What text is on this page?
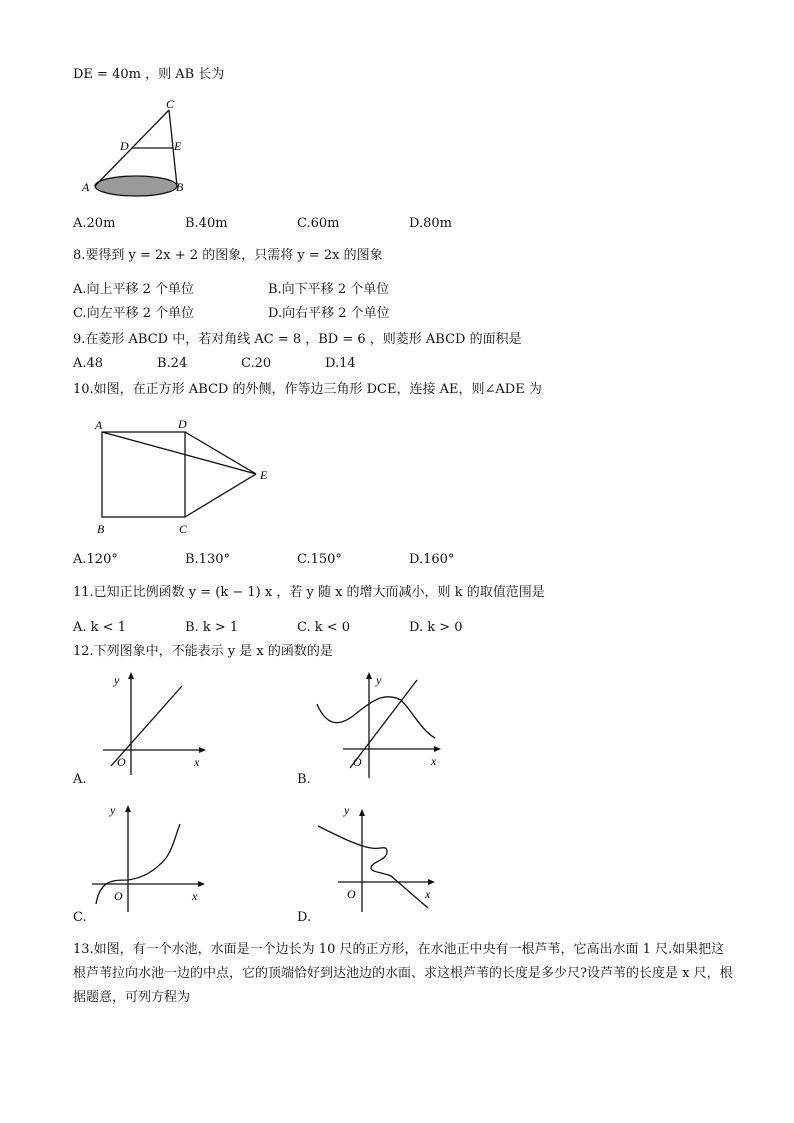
DE = 40m ，则 AB 长为
C
D	E
A	B
A.20m	B.40m	C.60m	D.80m
8.要得到 y = 2x + 2 的图象，只需将 y = 2x 的图象
A.向上平移 2 个单位	B.向下平移 2 个单位
C.向左平移 2 个单位	D.向右平移 2 个单位
9.在菱形 ABCD 中，若对角线 AC = 8 ，BD = 6 ，则菱形 ABCD 的面积是
A.48	B.24	C.20	D.14
10.如图，在正方形 ABCD 的外侧，作等边三角形 DCE，连接 AE，则∠ADE 为
A	D
E
B	C
A.120°	B.130°	C.150°	D.160°
11.已知正比例函数 y = (k − 1) x ，若 y 随 x 的增大而减小，则 k 的取值范围是
A. k < 1	B. k > 1	C. k < 0	D. k > 0
12.下列图象中，不能表示 y 是 x 的函数的是
y
x
O
A.
y
x
O
B.
y
x
O
C.
y
x
O
D.
13.如图，有一个水池，水面是一个边长为 10 尺的正方形，在水池正中央有一根芦苇，它高出水面 1 尺.如果把这根芦苇拉向水池一边的中点，它的顶端恰好到达池边的水面、求这根芦苇的长度是多少尺?设芦苇的长度是 x 尺，根据题意，可列方程为
